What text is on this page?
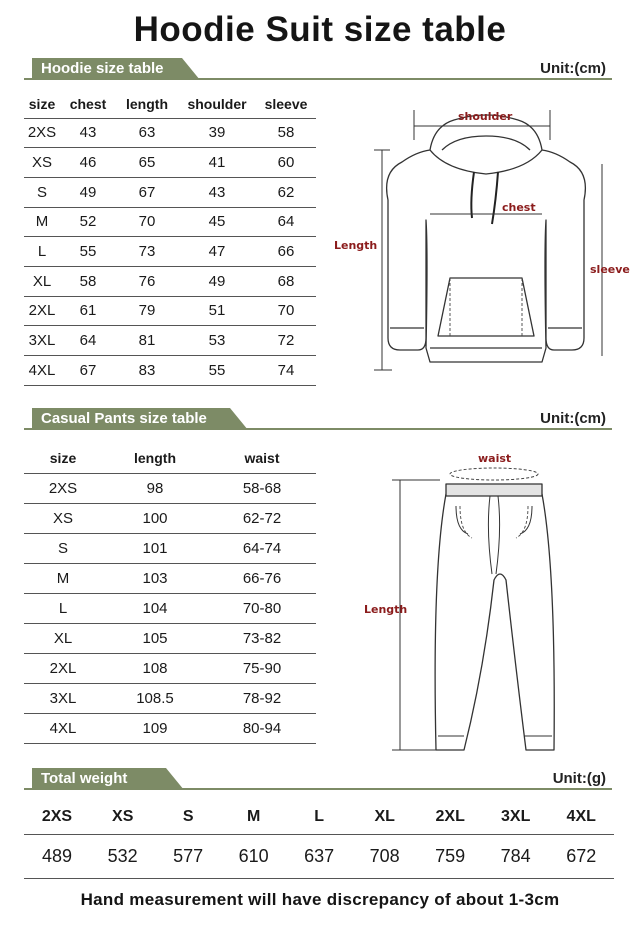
Hoodie Suit size table
Hoodie size table	Unit:(cm)
size	chest	length	shoulder	sleeve
2XS	43	63	39	58
XS	46	65	41	60
S	49	67	43	62
M	52	70	45	64
L	55	73	47	66
XL	58	76	49	68
2XL	61	79	51	70
3XL	64	81	53	72
4XL	67	83	55	74
shoulder
chest
Length
sleeve
Casual Pants size table	Unit:(cm)
size	length	waist
2XS	98	58-68
XS	100	62-72
S	101	64-74
M	103	66-76
L	104	70-80
XL	105	73-82
2XL	108	75-90
3XL	108.5	78-92
4XL	109	80-94
waist
Length
Total weight	Unit:(g)
2XS	XS	S	M	L	XL	2XL	3XL	4XL
489	532	577	610	637	708	759	784	672
Hand measurement will have discrepancy of about 1-3cm
